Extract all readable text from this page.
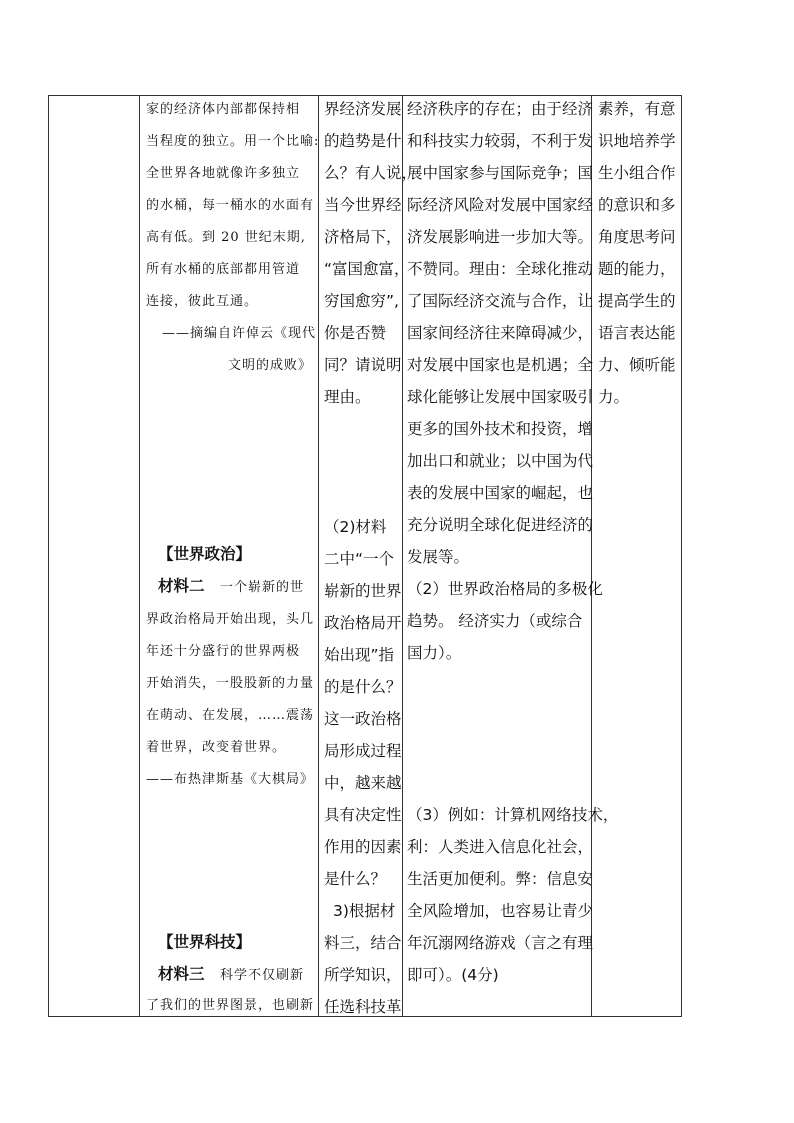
家的经济体内部都保持相
当程度的独立。用一个比喻:
全世界各地就像许多独立
的水桶，每一桶水的水面有
高有低。到 20 世纪末期,
所有水桶的底部都用管道
连接，彼此互通。
——摘编自许倬云《现代
文明的成败》
【世界政治】
材料二 一个崭新的世
界政治格局开始出现，头几
年还十分盛行的世界两极
开始消失，一股股新的力量
在萌动、在发展，……震荡
着世界，改变着世界。
——布热津斯基《大棋局》
【世界科技】
材料三 科学不仅刷新
了我们的世界图景，也刷新
界经济发展
的趋势是什
么？有人说，
当今世界经
济格局下，
“富国愈富，
穷国愈穷”,
你是否赞
同？请说明
理由。
（2)材料
二中“一个
崭新的世界
政治格局开
始出现”指
的是什么？
这一政治格
局形成过程
中，越来越
具有决定性
作用的因素
是什么？
3)根据材
料三，结合
所学知识，
任选科技革
经济秩序的存在；由于经济
和科技实力较弱，不利于发
展中国家参与国际竞争；国
际经济风险对发展中国家经
济发展影响进一步加大等。
不赞同。理由：全球化推动
了国际经济交流与合作，让
国家间经济往来障碍减少，
对发展中国家也是机遇；全
球化能够让发展中国家吸引
更多的国外技术和投资，增
加出口和就业；以中国为代
表的发展中国家的崛起，也
充分说明全球化促进经济的
发展等。
（2）世界政治格局的多极化
趋势。 经济实力（或综合
国力）。
（3）例如：计算机网络技术，
利：人类进入信息化社会，
生活更加便利。弊：信息安
全风险增加，也容易让青少
年沉溺网络游戏（言之有理
即可）。(4分)
素养，有意
识地培养学
生小组合作
的意识和多
角度思考问
题的能力，
提高学生的
语言表达能
力、倾听能
力。
